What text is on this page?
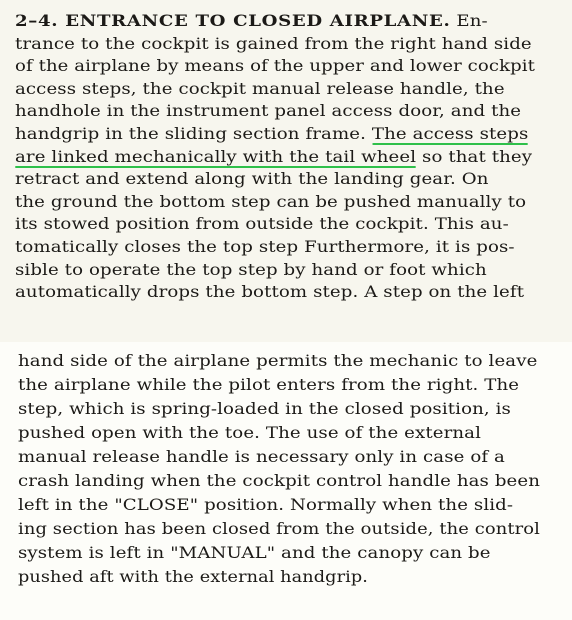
2–4. ENTRANCE TO CLOSED AIRPLANE. En-
trance to the cockpit is gained from the right hand side
of the airplane by means of the upper and lower cockpit
access steps, the cockpit manual release handle, the
handhole in the instrument panel access door, and the
handgrip in the sliding section frame. The access steps
are linked mechanically with the tail wheel so that they
retract and extend along with the landing gear. On
the ground the bottom step can be pushed manually to
its stowed position from outside the cockpit. This au-
tomatically closes the top step Furthermore, it is pos-
sible to operate the top step by hand or foot which
automatically drops the bottom step. A step on the left
hand side of the airplane permits the mechanic to leave
the airplane while the pilot enters from the right. The
step, which is spring-loaded in the closed position, is
pushed open with the toe. The use of the external
manual release handle is necessary only in case of a
crash landing when the cockpit control handle has been
left in the "CLOSE" position. Normally when the slid-
ing section has been closed from the outside, the control
system is left in "MANUAL" and the canopy can be
pushed aft with the external handgrip.
